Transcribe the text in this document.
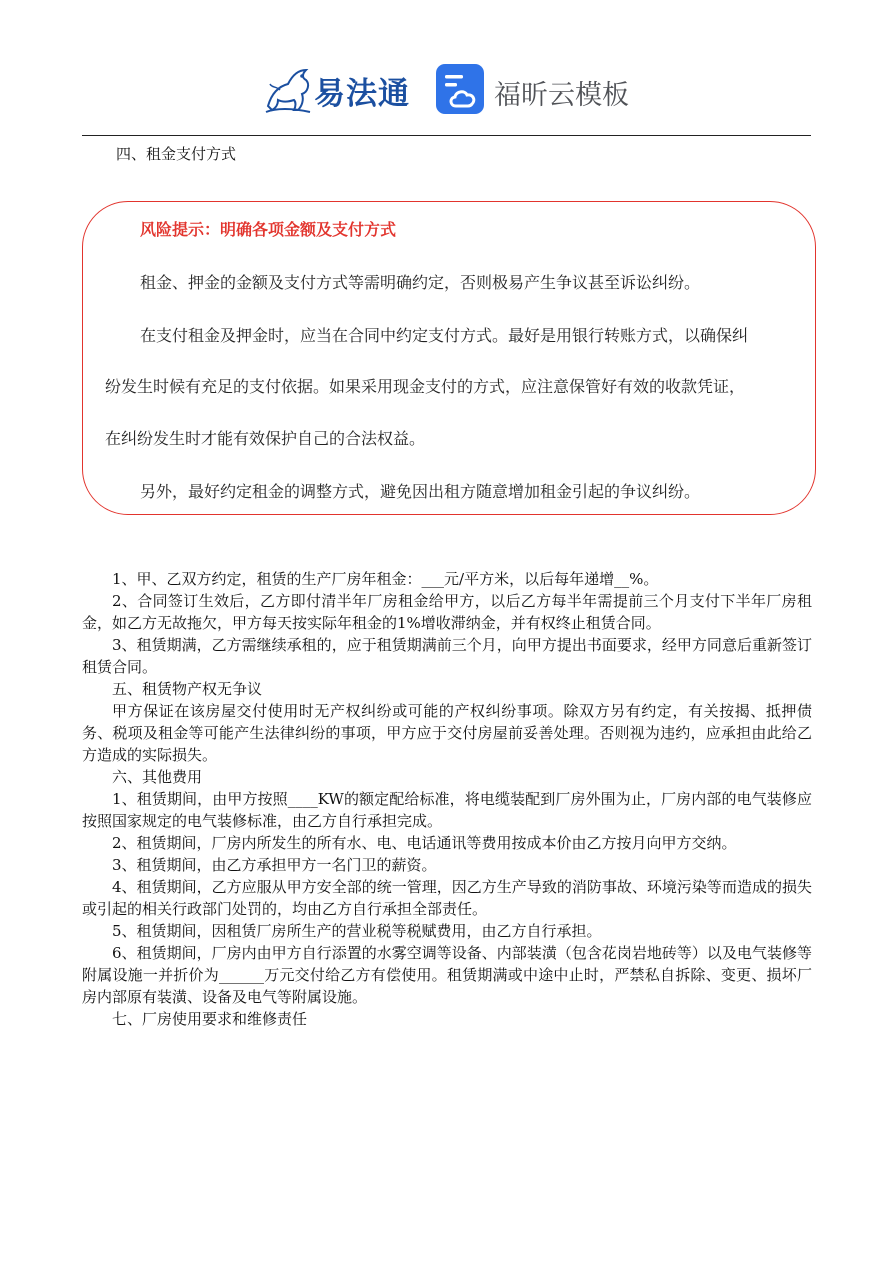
易法通	福昕云模板
四、租金支付方式
风险提示：明确各项金额及支付方式
租金、押金的金额及支付方式等需明确约定，否则极易产生争议甚至诉讼纠纷。
在支付租金及押金时，应当在合同中约定支付方式。最好是用银行转账方式，以确保纠
纷发生时候有充足的支付依据。如果采用现金支付的方式，应注意保管好有效的收款凭证，
在纠纷发生时才能有效保护自己的合法权益。
另外，最好约定租金的调整方式，避免因出租方随意增加租金引起的争议纠纷。

1、甲、乙双方约定，租赁的生产厂房年租金：___元/平方米，以后每年递增__%。

2、合同签订生效后，乙方即付清半年厂房租金给甲方，以后乙方每半年需提前三个月支付下半年厂房租金，如乙方无故拖欠，甲方每天按实际年租金的1%增收滞纳金，并有权终止租赁合同。

3、租赁期满，乙方需继续承租的，应于租赁期满前三个月，向甲方提出书面要求，经甲方同意后重新签订租赁合同。

五、租赁物产权无争议

甲方保证在该房屋交付使用时无产权纠纷或可能的产权纠纷事项。除双方另有约定，有关按揭、抵押债务、税项及租金等可能产生法律纠纷的事项，甲方应于交付房屋前妥善处理。否则视为违约，应承担由此给乙方造成的实际损失。

六、其他费用

1、租赁期间，由甲方按照____KW的额定配给标准，将电缆装配到厂房外围为止，厂房内部的电气装修应按照国家规定的电气装修标准，由乙方自行承担完成。

2、租赁期间，厂房内所发生的所有水、电、电话通讯等费用按成本价由乙方按月向甲方交纳。

3、租赁期间，由乙方承担甲方一名门卫的薪资。

4、租赁期间，乙方应服从甲方安全部的统一管理，因乙方生产导致的消防事故、环境污染等而造成的损失或引起的相关行政部门处罚的，均由乙方自行承担全部责任。

5、租赁期间，因租赁厂房所生产的营业税等税赋费用，由乙方自行承担。

6、租赁期间，厂房内由甲方自行添置的水雾空调等设备、内部装潢（包含花岗岩地砖等）以及电气装修等附属设施一并折价为______万元交付给乙方有偿使用。租赁期满或中途中止时，严禁私自拆除、变更、损坏厂房内部原有装潢、设备及电气等附属设施。

七、厂房使用要求和维修责任
